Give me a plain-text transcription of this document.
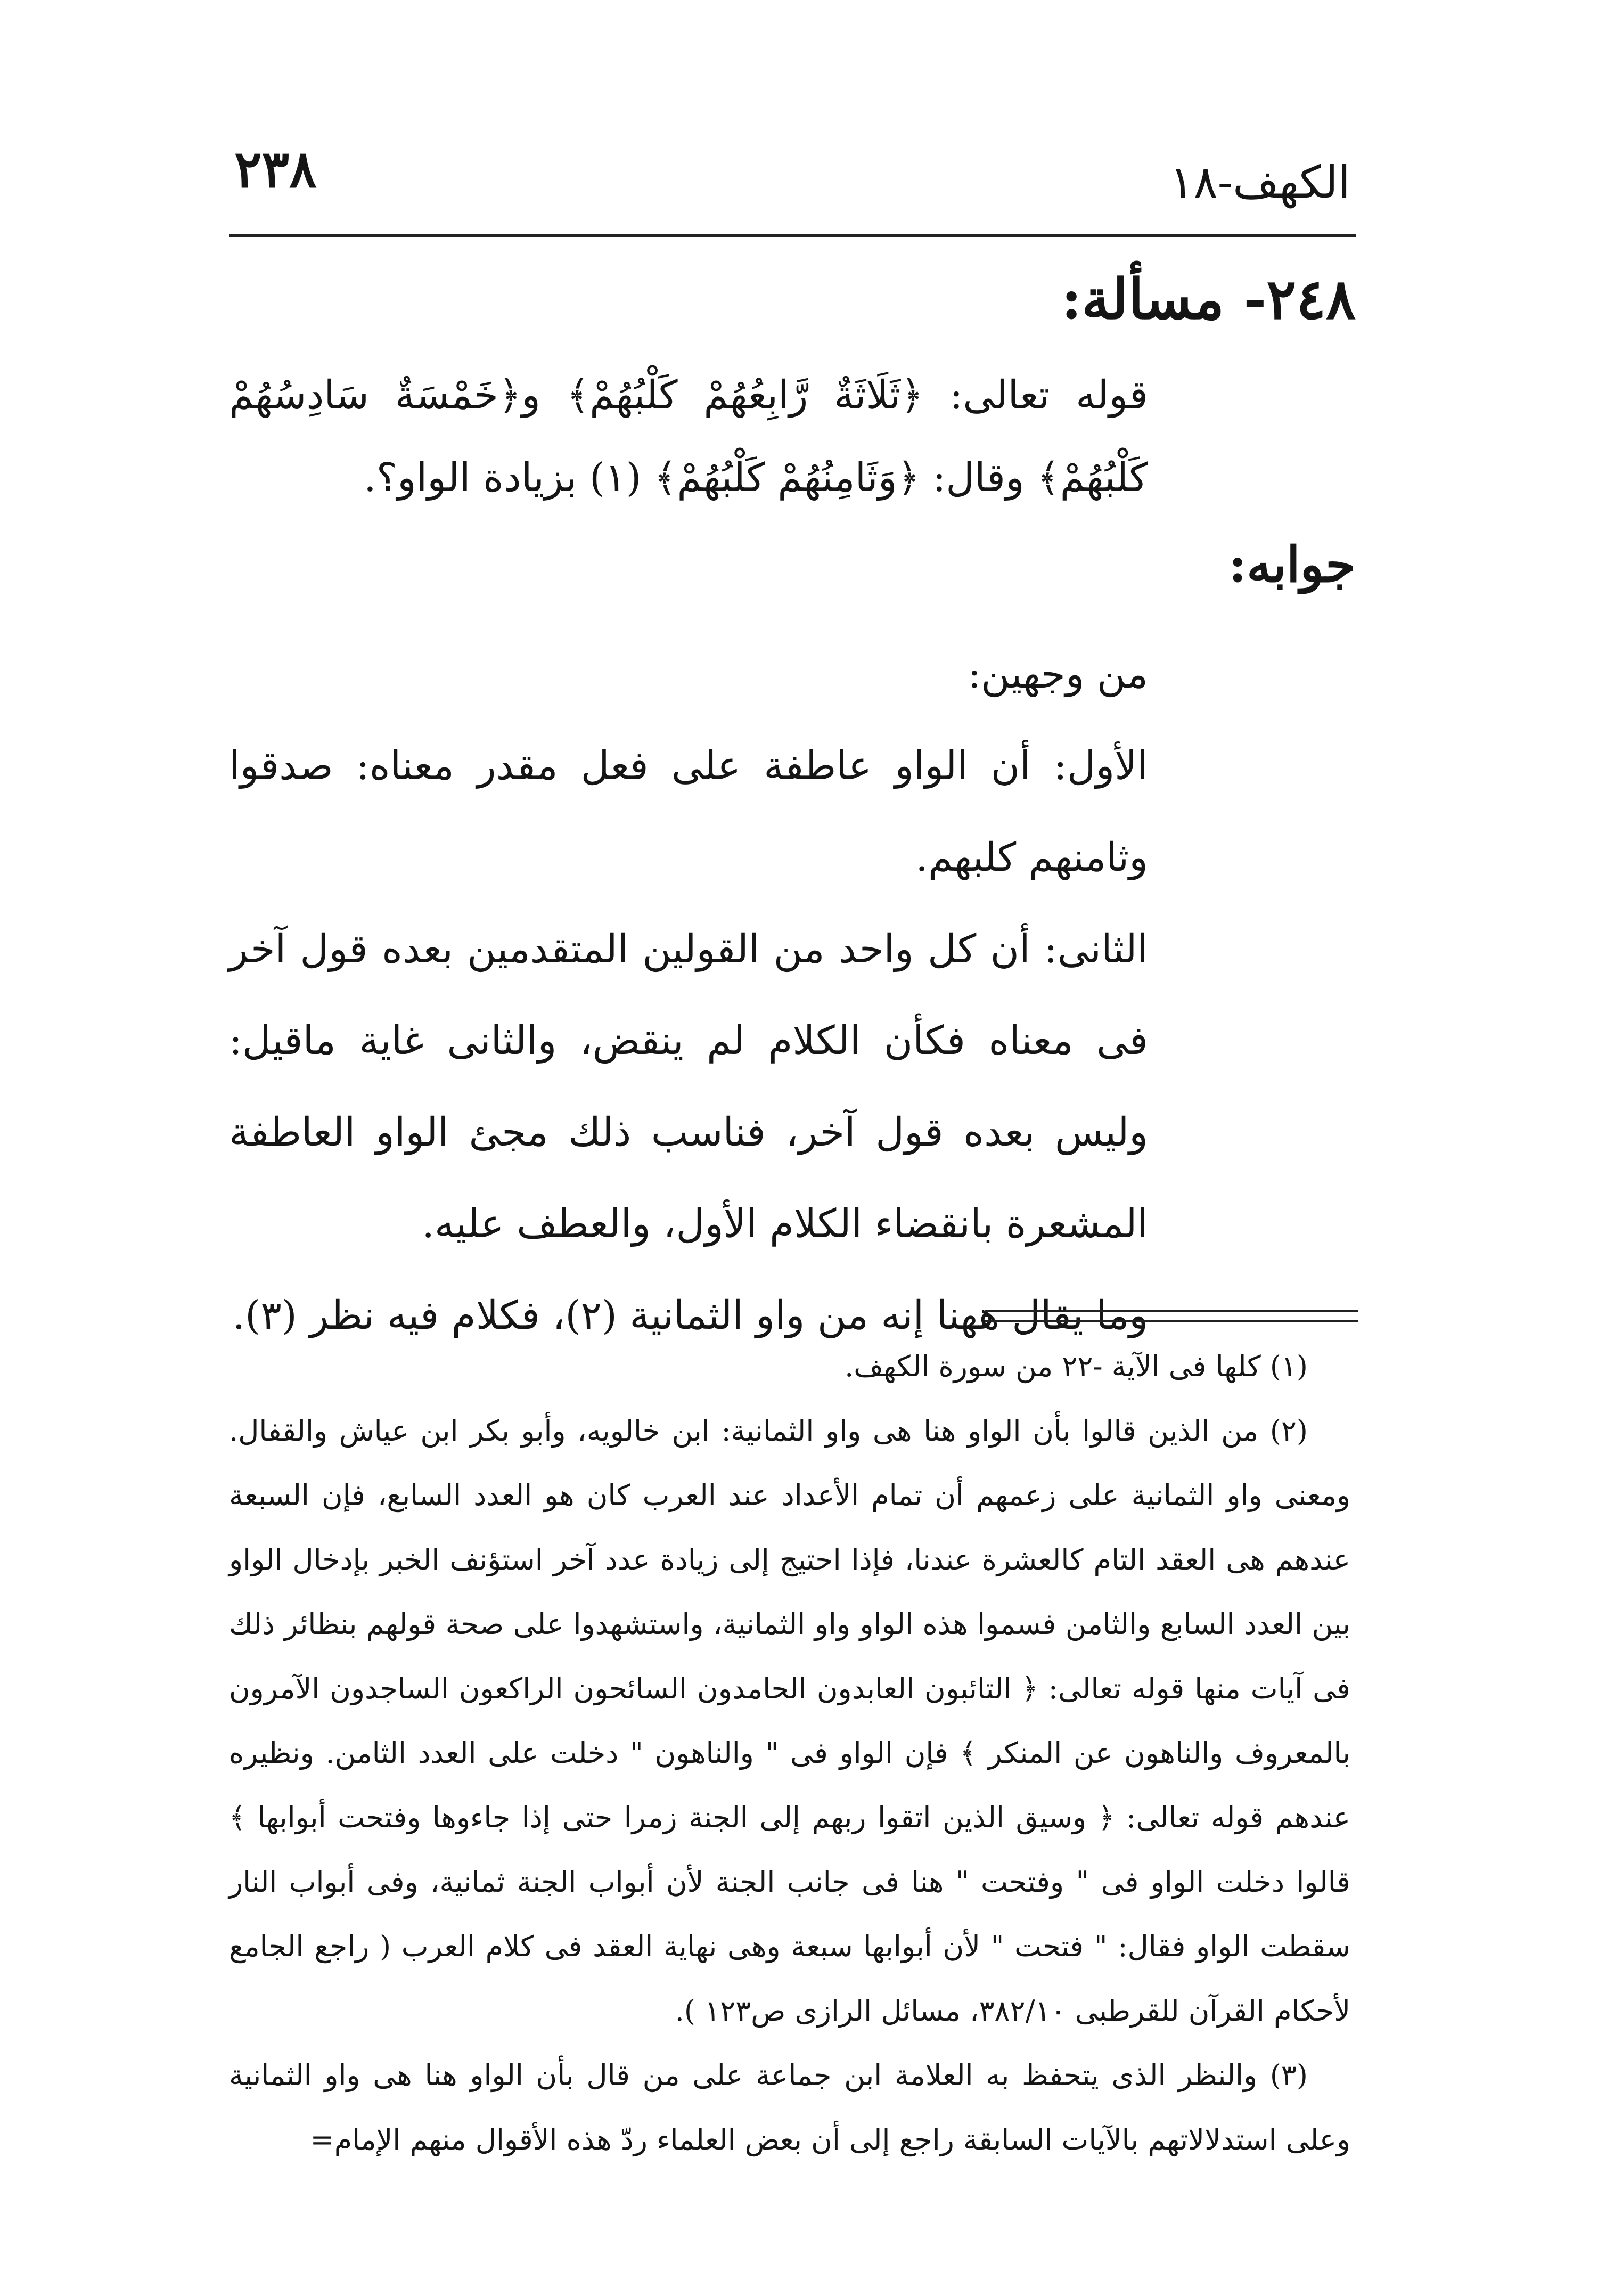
٢٣٨	الكهف-١٨
٢٤٨- مسألة:
قوله تعالى: ﴿ثَلَاثَةٌ رَّابِعُهُمْ كَلْبُهُمْ﴾ و﴿خَمْسَةٌ سَادِسُهُمْ كَلْبُهُمْ﴾ وقال: ﴿وَثَامِنُهُمْ كَلْبُهُمْ﴾ (١) بزيادة الواو؟.
جوابه:

من وجهين:

الأول: أن الواو عاطفة على فعل مقدر معناه: صدقوا وثامنهم كلبهم.

الثانى: أن كل واحد من القولين المتقدمين بعده قول آخر فى معناه فكأن الكلام لم ينقض، والثانى غاية ماقيل: وليس بعده قول آخر، فناسب ذلك مجئ الواو العاطفة المشعرة بانقضاء الكلام الأول، والعطف عليه.

وما يقال ههنا إنه من واو الثمانية (٢)، فكلام فيه نظر (٣).

(١) كلها فى الآية -٢٢ من سورة الكهف.

(٢) من الذين قالوا بأن الواو هنا هى واو الثمانية: ابن خالويه، وأبو بكر ابن عياش والقفال. ومعنى واو الثمانية على زعمهم أن تمام الأعداد عند العرب كان هو العدد السابع، فإن السبعة عندهم هى العقد التام كالعشرة عندنا، فإذا احتيج إلى زيادة عدد آخر استؤنف الخبر بإدخال الواو بين العدد السابع والثامن فسموا هذه الواو واو الثمانية، واستشهدوا على صحة قولهم بنظائر ذلك فى آيات منها قوله تعالى: ﴿ التائبون العابدون الحامدون السائحون الراكعون الساجدون الآمرون بالمعروف والناهون عن المنكر ﴾ فإن الواو فى " والناهون " دخلت على العدد الثامن. ونظيره عندهم قوله تعالى: ﴿ وسيق الذين اتقوا ربهم إلى الجنة زمرا حتى إذا جاءوها وفتحت أبوابها ﴾ قالوا دخلت الواو فى " وفتحت " هنا فى جانب الجنة لأن أبواب الجنة ثمانية، وفى أبواب النار سقطت الواو فقال: " فتحت " لأن أبوابها سبعة وهى نهاية العقد فى كلام العرب ( راجع الجامع لأحكام القرآن للقرطبى ٣٨٢/١٠، مسائل الرازى ص١٢٣ ).

(٣) والنظر الذى يتحفظ به العلامة ابن جماعة على من قال بأن الواو هنا هى واو الثمانية وعلى استدلالاتهم بالآيات السابقة راجع إلى أن بعض العلماء ردّ هذه الأقوال منهم الإمام=
